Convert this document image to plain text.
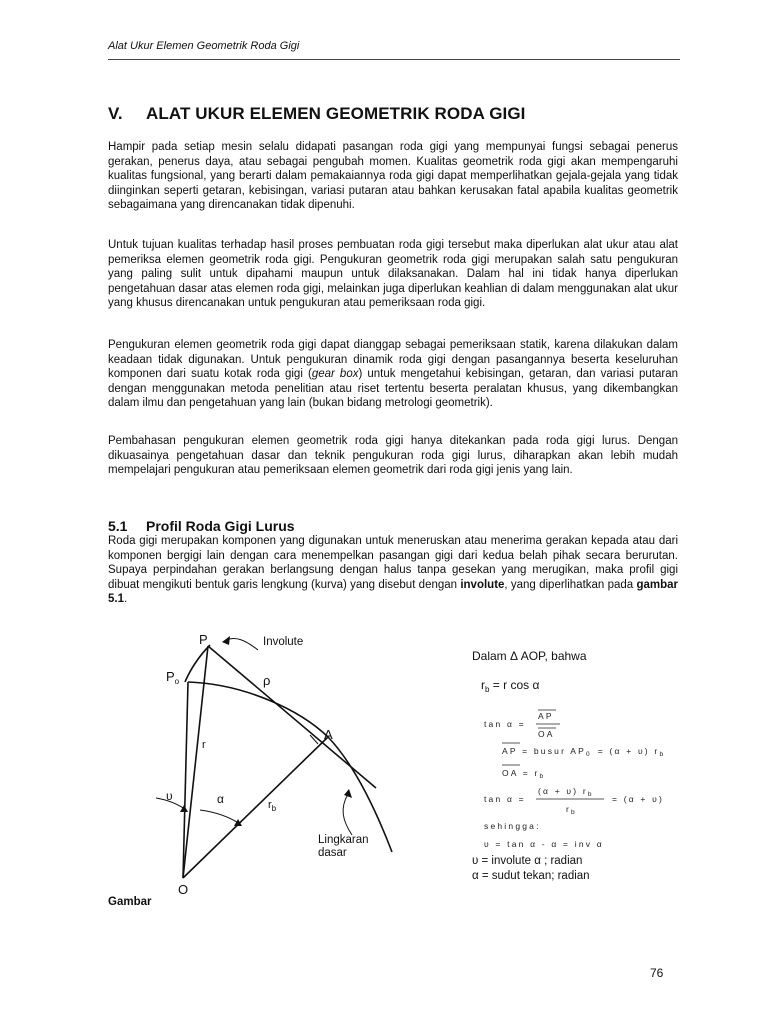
Alat Ukur Elemen Geometrik Roda Gigi
V. ALAT UKUR ELEMEN GEOMETRIK RODA GIGI

Hampir pada setiap mesin selalu didapati pasangan roda gigi yang mempunyai fungsi sebagai penerus gerakan, penerus daya, atau sebagai pengubah momen. Kualitas geometrik roda gigi akan mempengaruhi kualitas fungsional, yang berarti dalam pemakaiannya roda gigi dapat memperlihatkan gejala-gejala yang tidak diinginkan seperti getaran, kebisingan, variasi putaran atau bahkan kerusakan fatal apabila kualitas geometrik sebagaimana yang direncanakan tidak dipenuhi.

Untuk tujuan kualitas terhadap hasil proses pembuatan roda gigi tersebut maka diperlukan alat ukur atau alat pemeriksa elemen geometrik roda gigi. Pengukuran geometrik roda gigi merupakan salah satu pengukuran yang paling sulit untuk dipahami maupun untuk dilaksanakan. Dalam hal ini tidak hanya diperlukan pengetahuan dasar atas elemen roda gigi, melainkan juga diperlukan keahlian di dalam menggunakan alat ukur yang khusus direncanakan untuk pengukuran atau pemeriksaan roda gigi.

Pengukuran elemen geometrik roda gigi dapat dianggap sebagai pemeriksaan statik, karena dilakukan dalam keadaan tidak digunakan. Untuk pengukuran dinamik roda gigi dengan pasangannya beserta keseluruhan komponen dari suatu kotak roda gigi (gear box) untuk mengetahui kebisingan, getaran, dan variasi putaran dengan menggunakan metoda penelitian atau riset tertentu beserta peralatan khusus, yang dikembangkan dalam ilmu dan pengetahuan yang lain (bukan bidang metrologi geometrik).

Pembahasan pengukuran elemen geometrik roda gigi hanya ditekankan pada roda gigi lurus. Dengan dikuasainya pengetahuan dasar dan teknik pengukuran roda gigi lurus, diharapkan akan lebih mudah mempelajari pengukuran atau pemeriksaan elemen geometrik dari roda gigi jenis yang lain.

5.1 Profil Roda Gigi Lurus

Roda gigi merupakan komponen yang digunakan untuk meneruskan atau menerima gerakan kepada atau dari komponen bergigi lain dengan cara menempelkan pasangan gigi dari kedua belah pihak secara berurutan. Supaya perpindahan gerakan berlangsung dengan halus tanpa gesekan yang merugikan, maka profil gigi dibuat mengikuti bentuk garis lengkung (kurva) yang disebut dengan involute, yang diperlihatkan pada gambar 5.1.

P
$P_o$
Involute
ρ
A
r
$r_b$
υ	α
Lingkaran
dasar
O
Dalam Δ AOP, bahwa
$r_b = r$ cos α
tan α =
AP
OA
AP = busur $AP_0 = (\alpha + \upsilon)$ $r_b$
OA = $r_b$
tan α =
(α + υ) $r_b$
$r_b$
= (α + υ)
sehingga:
υ = tan α - α = inv α
υ = involute α ; radian
α = sudut tekan; radian
Gambar
76
